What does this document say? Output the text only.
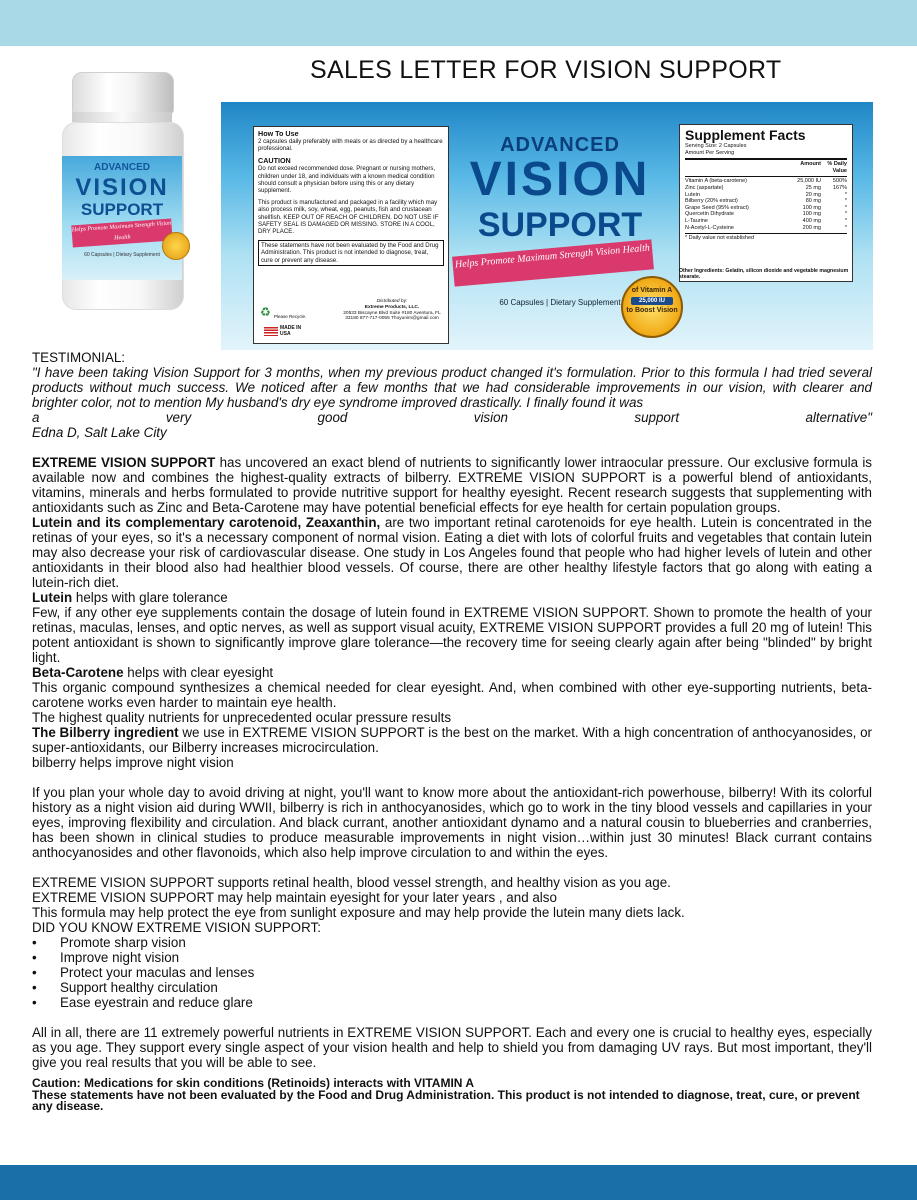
SALES LETTER FOR VISION SUPPORT
ADVANCED
VISION
SUPPORT
Helps Promote Maximum Strength Vision Health
60 Capsules | Dietary Supplement
How To Use

2 capsules daily preferably with meals or as directed by a healthcare professional.

CAUTION

Do not exceed recommended dose. Pregnant or nursing mothers, children under 18, and individuals with a known medical condition should consult a physician before using this or any dietary supplement.

This product is manufactured and packaged in a facility which may also process milk, soy, wheat, egg, peanuts, fish and crustacean shellfish. KEEP OUT OF REACH OF CHILDREN. DO NOT USE IF SAFETY SEAL IS DAMAGED OR MISSING. STORE IN A COOL, DRY PLACE.

These statements have not been evaluated by the Food and Drug Administration. This product is not intended to diagnose, treat, cure or prevent any disease.
♻ Please Recycle.
MADE IN USA
Distributed by:
Extreme Products, LLC.
20533 Biscayne Blvd Suite #180 Aventura, FL 33180 877-717-0055 Thoyunim@gmail.com
ADVANCED
VISION
SUPPORT
Helps Promote Maximum Strength Vision Health
60 Capsules | Dietary Supplement
of Vitamin A
25,000 IU
to Boost Vision
Supplement Facts
Serving Size: 2 Capsules
Amount Per Serving
Amount	% Daily Value
Vitamin A (beta-carotene)	25,000 IU	500%
Zinc (aspartate)	25 mg	167%
Lutein	20 mg	*
Bilberry (20% extract)	80 mg	*
Grape Seed (95% extract)	100 mg	*
Quercetin Dihydrate	100 mg	*
L-Taurine	400 mg	*
N-Acetyl-L-Cysteine	200 mg	*
* Daily value not established
Other Ingredients: Gelatin, silicon dioxide and vegetable magnesium stearate.

TESTIMONIAL:

"I have been taking Vision Support for 3 months, when my previous product changed it's formulation. Prior to this formula I had tried several products without much success. We noticed after a few months that we had considerable improvements in our vision, with clearer and brighter color, not to mention My husband's dry eye syndrome improved drastically. I finally found it was

a very good vision support alternative"

Edna D, Salt Lake City

EXTREME VISION SUPPORT has uncovered an exact blend of nutrients to significantly lower intraocular pressure. Our exclusive formula is available now and combines the highest-quality extracts of bilberry. EXTREME VISION SUPPORT is a powerful blend of antioxidants, vitamins, minerals and herbs formulated to provide nutritive support for healthy eyesight. Recent research suggests that supplementing with antioxidants such as Zinc and Beta-Carotene may have potential beneficial effects for eye health for certain population groups.

Lutein and its complementary carotenoid, Zeaxanthin, are two important retinal carotenoids for eye health. Lutein is concentrated in the retinas of your eyes, so it's a necessary component of normal vision. Eating a diet with lots of colorful fruits and vegetables that contain lutein may also decrease your risk of cardiovascular disease. One study in Los Angeles found that people who had higher levels of lutein and other antioxidants in their blood also had healthier blood vessels. Of course, there are other healthy lifestyle factors that go along with eating a lutein-rich diet.

Lutein helps with glare tolerance

Few, if any other eye supplements contain the dosage of lutein found in EXTREME VISION SUPPORT. Shown to promote the health of your retinas, maculas, lenses, and optic nerves, as well as support visual acuity, EXTREME VISION SUPPORT provides a full 20 mg of lutein! This potent antioxidant is shown to significantly improve glare tolerance—the recovery time for seeing clearly again after being "blinded" by bright light.

Beta-Carotene helps with clear eyesight

This organic compound synthesizes a chemical needed for clear eyesight. And, when combined with other eye-supporting nutrients, beta-carotene works even harder to maintain eye health.

The highest quality nutrients for unprecedented ocular pressure results

The Bilberry ingredient we use in EXTREME VISION SUPPORT is the best on the market. With a high concentration of anthocyanosides, or super-antioxidants, our Bilberry increases microcirculation.

bilberry helps improve night vision

If you plan your whole day to avoid driving at night, you'll want to know more about the antioxidant-rich powerhouse, bilberry! With its colorful history as a night vision aid during WWII, bilberry is rich in anthocyanosides, which go to work in the tiny blood vessels and capillaries in your eyes, improving flexibility and circulation. And black currant, another antioxidant dynamo and a natural cousin to blueberries and cranberries, has been shown in clinical studies to produce measurable improvements in night vision…within just 30 minutes! Black currant contains anthocyanosides and other flavonoids, which also help improve circulation to and within the eyes.

EXTREME VISION SUPPORT supports retinal health, blood vessel strength, and healthy vision as you age.

EXTREME VISION SUPPORT may help maintain eyesight for your later years , and also

This formula may help protect the eye from sunlight exposure and may help provide the lutein many diets lack.

DID YOU KNOW EXTREME VISION SUPPORT:

•	Promote sharp vision
•	Improve night vision
•	Protect your maculas and lenses
•	Support healthy circulation
•	Ease eyestrain and reduce glare

All in all, there are 11 extremely powerful nutrients in EXTREME VISION SUPPORT. Each and every one is crucial to healthy eyes, especially as you age. They support every single aspect of your vision health and help to shield you from damaging UV rays. But most important, they'll give you real results that you will be able to see.

Caution: Medications for skin conditions (Retinoids) interacts with VITAMIN A
These statements have not been evaluated by the Food and Drug Administration. This product is not intended to diagnose, treat, cure, or prevent any disease.
